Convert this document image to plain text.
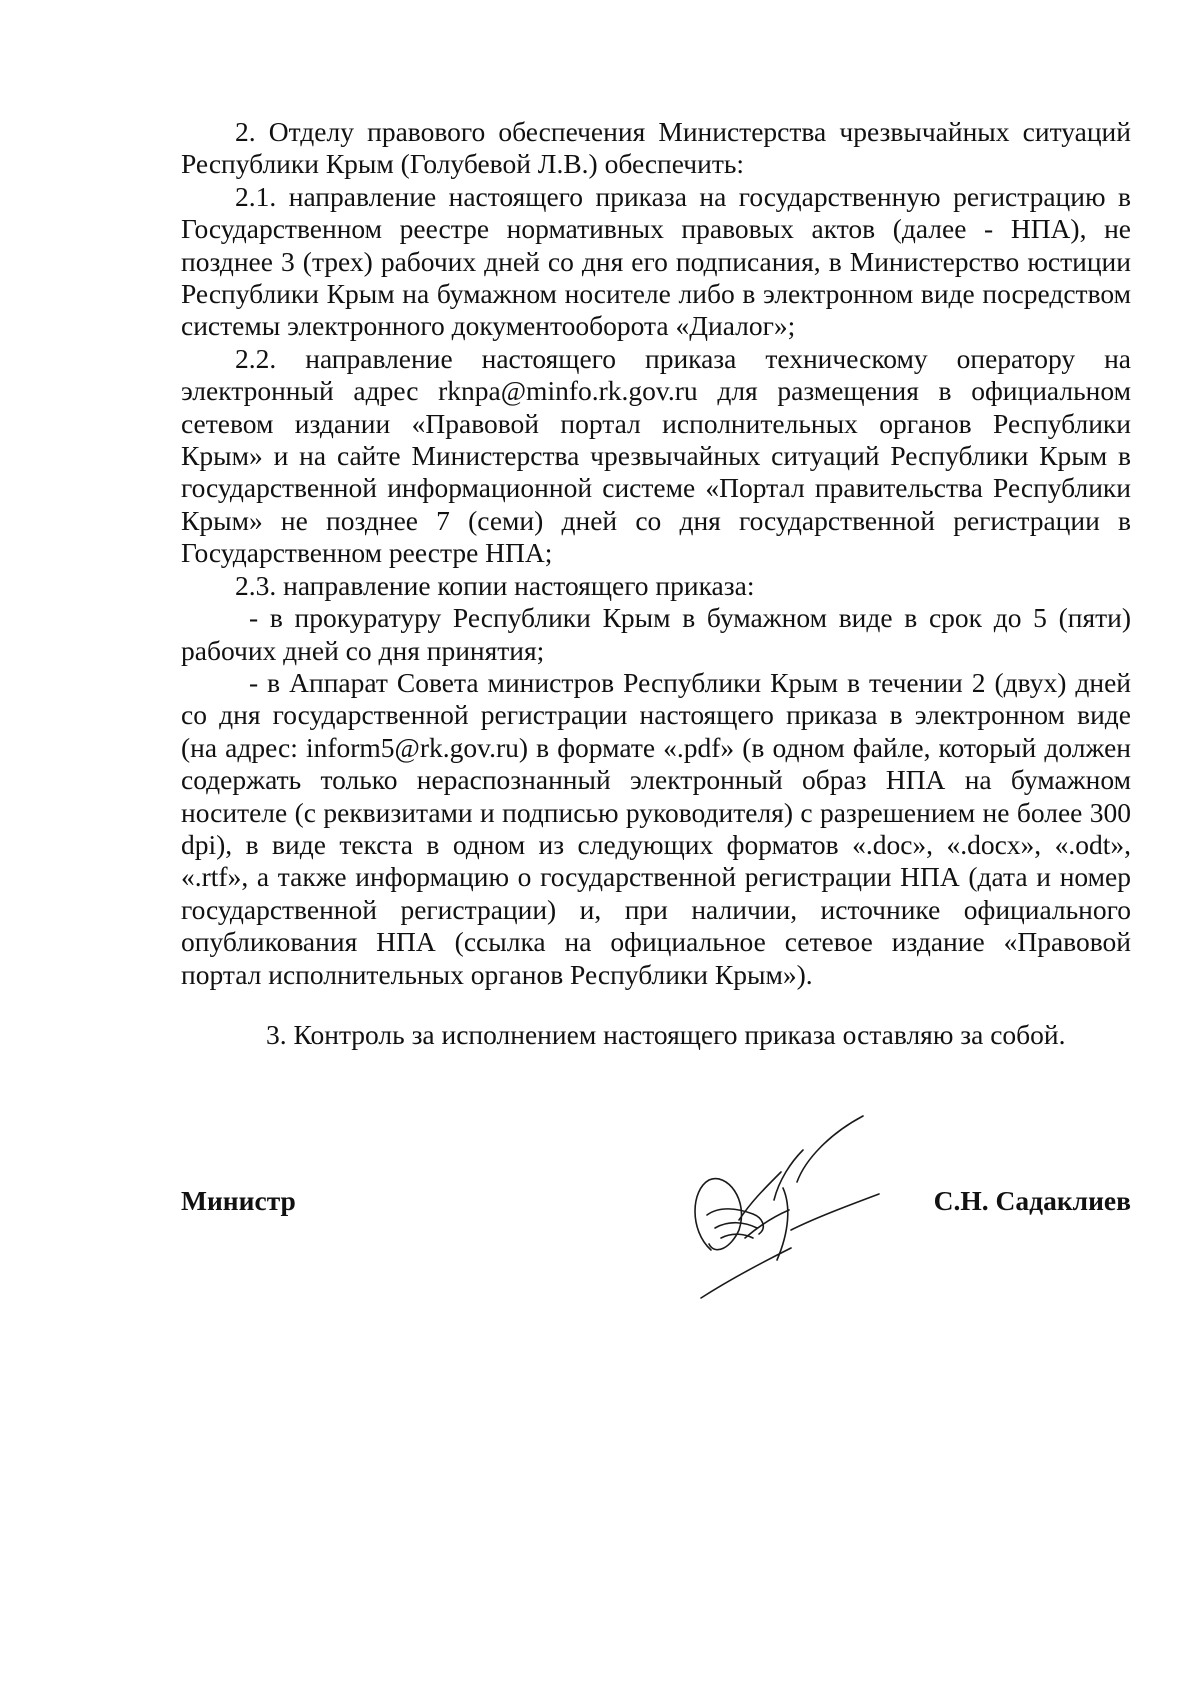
2. Отделу правового обеспечения Министерства чрезвычайных ситуаций Республики Крым (Голубевой Л.В.) обеспечить:

2.1. направление настоящего приказа на государственную регистрацию в Государственном реестре нормативных правовых актов (далее - НПА), не позднее 3 (трех) рабочих дней со дня его подписания, в Министерство юстиции Республики Крым на бумажном носителе либо в электронном виде посредством системы электронного документооборота «Диалог»;

2.2. направление настоящего приказа техническому оператору на электронный адрес rknpa@minfo.rk.gov.ru для размещения в официальном сетевом издании «Правовой портал исполнительных органов Республики Крым» и на сайте Министерства чрезвычайных ситуаций Республики Крым в государственной информационной системе «Портал правительства Республики Крым» не позднее 7 (семи) дней со дня государственной регистрации в Государственном реестре НПА;

2.3. направление копии настоящего приказа:

- в прокуратуру Республики Крым в бумажном виде в срок до 5 (пяти) рабочих дней со дня принятия;

- в Аппарат Совета министров Республики Крым в течении 2 (двух) дней со дня государственной регистрации настоящего приказа в электронном виде (на адрес: inform5@rk.gov.ru) в формате «.pdf» (в одном файле, который должен содержать только нераспознанный электронный образ НПА на бумажном носителе (с реквизитами и подписью руководителя) с разрешением не более 300 dpi), в виде текста в одном из следующих форматов «.doc», «.docx», «.odt», «.rtf», а также информацию о государственной регистрации НПА (дата и номер государственной регистрации) и, при наличии, источнике официального опубликования НПА (ссылка на официальное сетевое издание «Правовой портал исполнительных органов Республики Крым»).

3. Контроль за исполнением настоящего приказа оставляю за собой.

Министр	С.Н. Садаклиев
